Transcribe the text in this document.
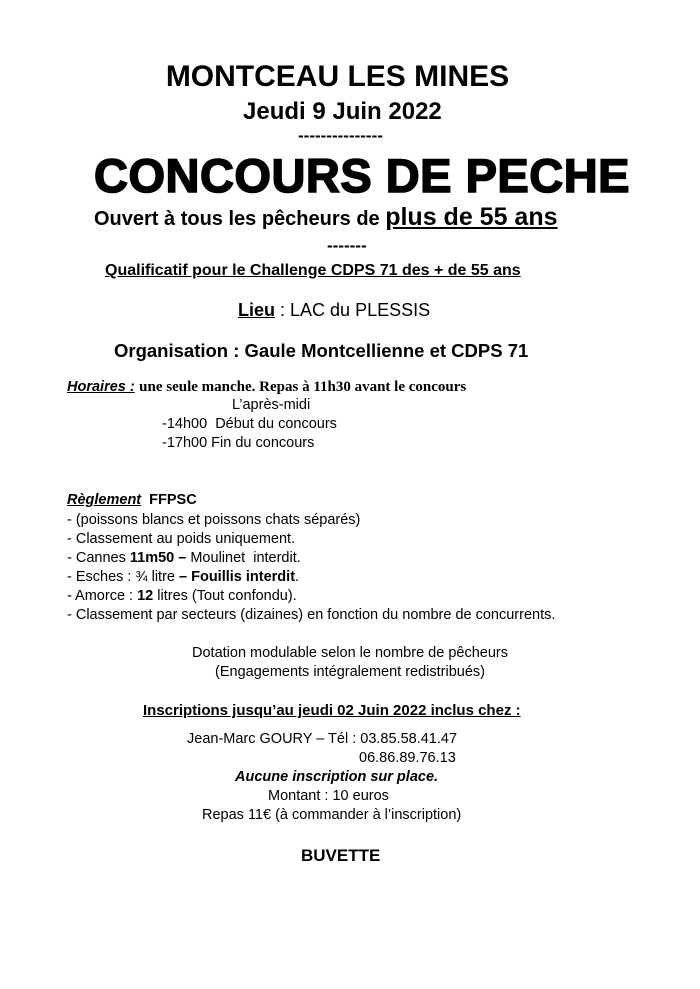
MONTCEAU LES MINES
Jeudi 9 Juin 2022
---------------
CONCOURS DE PECHE
Ouvert à tous les pêcheurs de plus de 55 ans
-------
Qualificatif pour le Challenge CDPS 71 des + de 55 ans
Lieu : LAC du PLESSIS
Organisation : Gaule Montcellienne et CDPS 71
Horaires : une seule manche. Repas à 11h30 avant le concours
L’après-midi
-14h00  Début du concours
-17h00 Fin du concours
Règlement FFPSC
- (poissons blancs et poissons chats séparés)
- Classement au poids uniquement.
- Cannes 11m50 – Moulinet  interdit.
- Esches : ¾ litre – Fouillis interdit.
- Amorce : 12 litres (Tout confondu).
- Classement par secteurs (dizaines) en fonction du nombre de concurrents.
Dotation modulable selon le nombre de pêcheurs
(Engagements intégralement redistribués)
Inscriptions jusqu’au jeudi 02 Juin 2022 inclus chez :
Jean-Marc GOURY – Tél : 03.85.58.41.47
06.86.89.76.13
Aucune inscription sur place.
Montant : 10 euros
Repas 11€ (à commander à l’inscription)
BUVETTE
